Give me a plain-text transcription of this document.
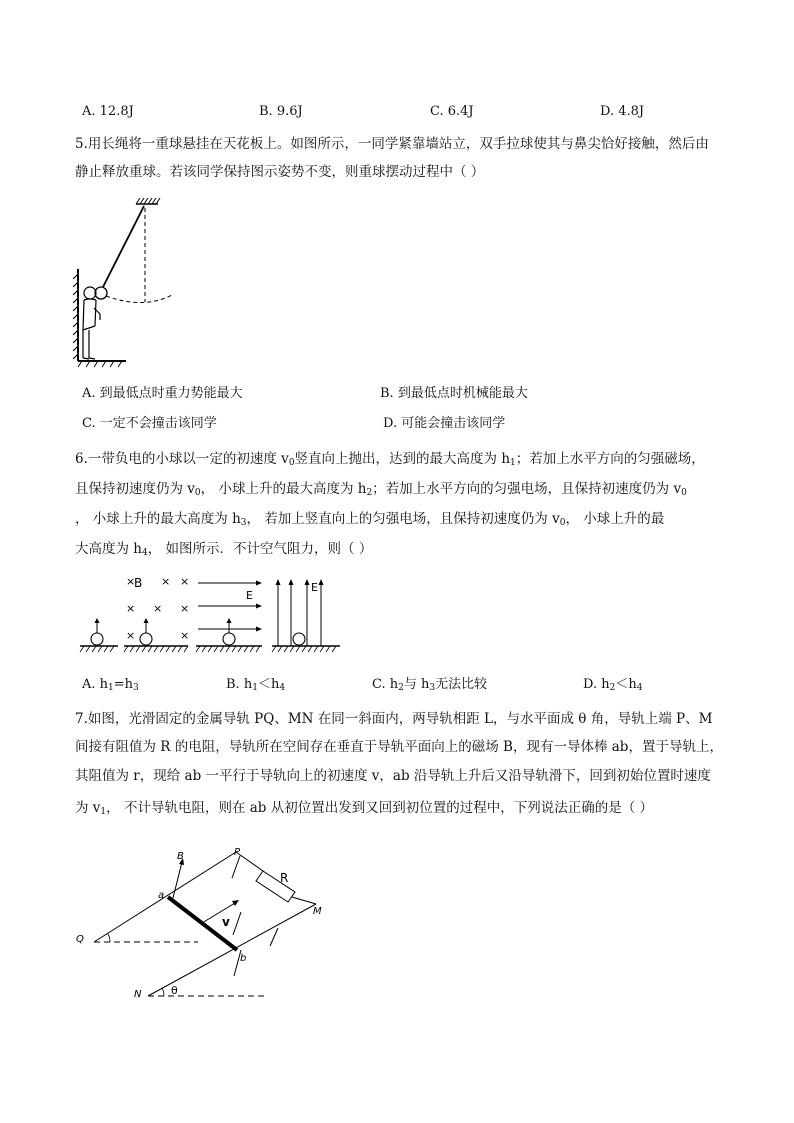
A. 12.8J	B. 9.6J	C. 6.4J	D. 4.8J
5.用长绳将一重球悬挂在天花板上。如图所示，一同学紧靠墙站立，双手拉球使其与鼻尖恰好接触，然后由
静止释放重球。若该同学保持图示姿势不变，则重球摆动过程中（ ）
A. 到最低点时重力势能最大	B. 到最低点时机械能最大
C. 一定不会撞击该同学	D. 可能会撞击该同学
6.一带负电的小球以一定的初速度 $v_0$竖直向上抛出，达到的最大高度为 $h_1$；若加上水平方向的匀强磁场，
且保持初速度仍为 $v_0$， 小球上升的最大高度为 $h_2$；若加上水平方向的匀强电场，且保持初速度仍为 $v_0$
， 小球上升的最大高度为 $h_3$， 若加上竖直向上的匀强电场，且保持初速度仍为 $v_0$， 小球上升的最
大高度为 $h_4$， 如图所示．不计空气阻力，则（ ）
× × ×
× × ×
×	×
B
E
E
A. $h_1=h_3$	B. $h_1<h_4$	C. $h_2$与 $h_3$无法比较	D. $h_2<h_4$
7.如图，光滑固定的金属导轨 PQ、MN 在同一斜面内，两导轨相距 L，与水平面成 θ 角，导轨上端 P、M
间接有阻值为 R 的电阻，导轨所在空间存在垂直于导轨平面向上的磁场 B，现有一导体棒 ab，置于导轨上，
其阻值为 r，现给 ab 一平行于导轨向上的初速度 v，ab 沿导轨上升后又沿导轨滑下，回到初始位置时速度
为 $v_1$， 不计导轨电阻，则在 ab 从初位置出发到又回到初位置的过程中，下列说法正确的是（ ）
R
θ
v
B	P
M
Q
N
a
b
